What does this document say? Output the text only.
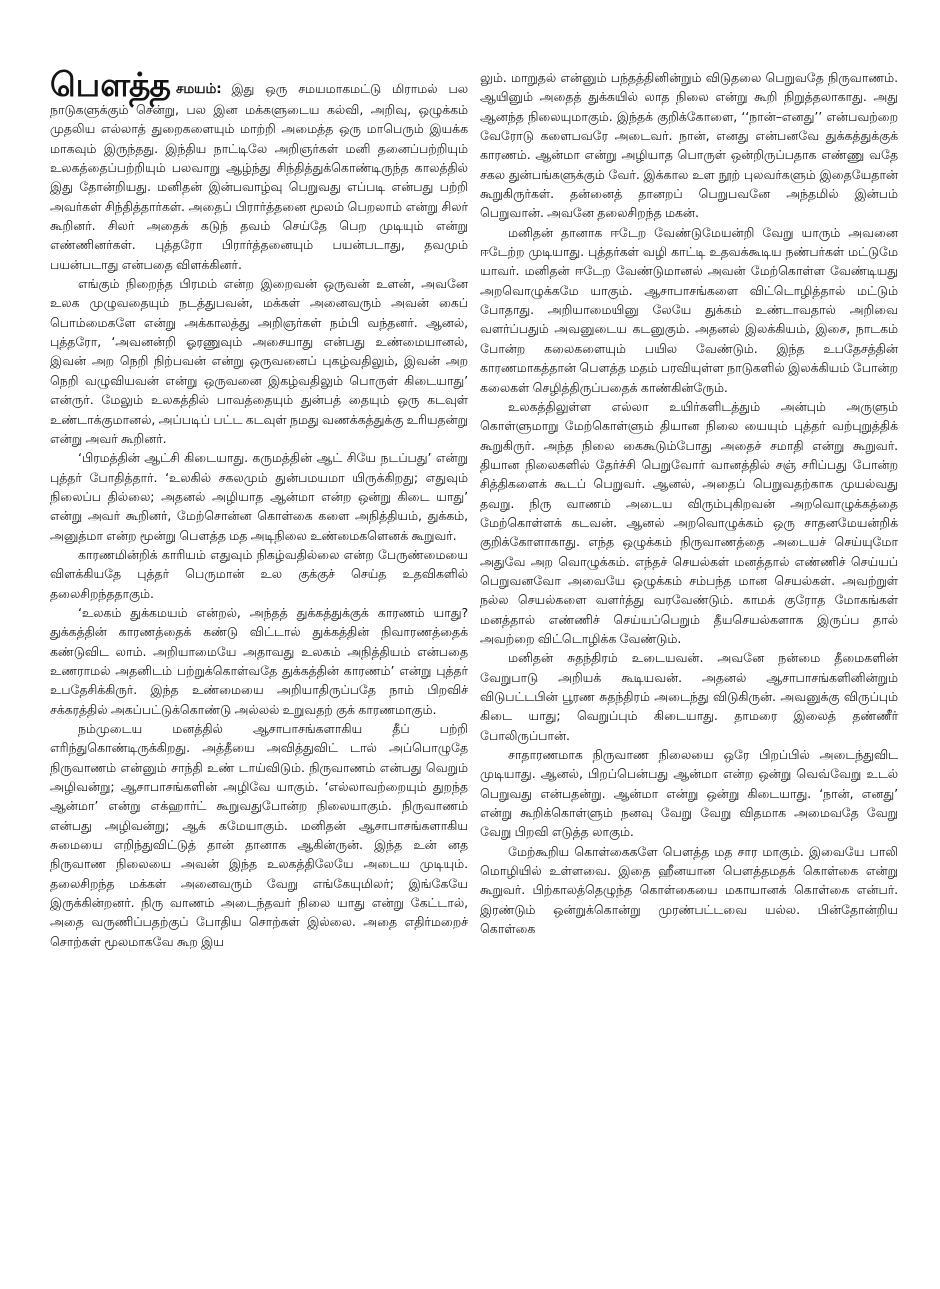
பௌத்த சமயம்: இது ஒரு சமயமாகமட்டு மிராமல் பல நாடுகளுக்கும் சென்று, பல இன மக்களுடைய கல்வி, அறிவு, ஒழுக்கம் முதலிய எல்லாத் துறைகளையும் மாற்றி அமைத்த ஒரு மாபெரும் இயக்க மாகவும் இருந்தது. இந்திய நாட்டிலே அறிஞர்கள் மனி தனைப்பற்றியும் உலகத்தைப்பற்றியும் பலவாறு ஆழ்ந்து சிந்தித்துக்கொண்டிருந்த காலத்தில் இது தோன்றியது. மனிதன் இன்பவாழ்வு பெறுவது எப்படி என்பது பற்றி அவர்கள் சிந்தித்தார்கள். அதைப் பிரார்த்தனை மூலம் பெறலாம் என்று சிலர் கூறினர். சிலர் அதைக் கடுந் தவம் செய்தே பெற முடியும் என்று எண்ணினர்கள். புத்தரோ பிரார்த்தனையும் பயன்படாது, தவமும் பயன்படாது என்பதை விளக்கினர்.

எங்கும் நிறைந்த பிரமம் என்ற இறைவன் ஒருவன் உளன், அவனே உலக முழுவதையும் நடத்துபவன், மக்கள் அனைவரும் அவன் கைப் பொம்மைகளே என்று அக்காலத்து அறிஞர்கள் நம்பி வந்தனர். ஆனல், புத்தரோ, ‘அவனன்றி ஓரணுவும் அசையாது என்பது உண்மையானல், இவன் அற நெறி நிற்பவன் என்று ஒருவனைப் புகழ்வதிலும், இவன் அற நெறி வழுவியவன் என்று ஒருவனை இகழ்வதிலும் பொருள் கிடையாது’ என்ருர். மேலும் உலகத்தில் பாவத்தையும் துன்பத் தையும் ஒரு கடவுள் உண்டாக்குமானல், அப்படிப் பட்ட கடவுள் நமது வணக்கத்துக்கு உரியதன்று என்று அவர் கூறினர்.

‘பிரமத்தின் ஆட்சி கிடையாது. கருமத்தின் ஆட் சியே நடப்பது’ என்று புத்தர் போதித்தார். ‘உலகில் சகலமும் துன்பமயமா யிருக்கிறது; எதுவும் நிலைப்ப தில்லை; அதனல் அழியாத ஆன்மா என்ற ஒன்று கிடை யாது’ என்று அவர் கூறினர், மேற்சொன்ன கொள்கை களை அநித்தியம், துக்கம், அனுத்மா என்ற மூன்று பௌத்த மத அடிநிலை உண்மைகளெனக் கூறுவர்.

காரணமின்றிக் காரியம் எதுவும் நிகழ்வதில்லை என்ற பேருண்மையை விளக்கியதே புத்தர் பெருமான் உல குக்குச் செய்த உதவிகளில் தலைசிறந்ததாகும்.

‘உலகம் துக்கமயம் என்றல், அந்தத் துக்கத்துக்குக் காரணம் யாது? துக்கத்தின் காரணத்தைக் கண்டு விட்டால் துக்கத்தின் நிவாரணத்தைக் கண்டுவிட லாம். அறியாமையே அதாவது உலகம் அநித்தியம் என்பதை உணராமல் அதனிடம் பற்றுக்கொள்வதே துக்கத்தின் காரணம்’ என்று புத்தர் உபதேசிக்கிருர். இந்த உண்மையை அறியாதிருப்பதே நாம் பிறவிச் சக்கரத்தில் அகப்பட்டுக்கொண்டு அல்லல் உறுவதற் குக் காரணமாகும்.

நம்முடைய மனத்தில் ஆசாபாசங்களாகிய தீப் பற்றி எரிந்துகொண்டிருக்கிறது. அத்தீயை அவித்துவிட் டால் அப்பொழுதே நிருவாணம் என்னும் சாந்தி உண் டாய்விடும். நிருவாணம் என்பது வெறும் அழிவன்று; ஆசாபாசங்களின் அழிவே யாகும். ‘எல்லாவற்றையும் துறந்த ஆன்மா’ என்று எக்ஹார்ட் கூறுவதுபோன்ற நிலையாகும். நிருவாணம் என்பது அழிவன்று; ஆக் கமேயாகும். மனிதன் ஆசாபாசங்களாகிய சுமையை எறிந்துவிட்டுத் தான் தானாக ஆகின்ருன். இந்த உன் னத நிருவாண நிலையை அவன் இந்த உலகத்திலேயே அடைய முடியும். தலைசிறந்த மக்கள் அனைவரும் வேறு எங்கேயுமிலர்; இங்கேயே இருக்கின்றனர். நிரு வாணம் அடைந்தவர் நிலை யாது என்று கேட்டால், அதை வருணிப்பதற்குப் போதிய சொற்கள் இல்லை. அதை எதிர்மறைச் சொற்கள் மூலமாகவே கூற இய

லும். மாறுதல் என்னும் பந்தத்தினின்றும் விடுதலை பெறுவதே நிருவாணம். ஆயினும் அதைத் துக்கயில் லாத நிலை என்று கூறி நிறுத்தலாகாது. அது ஆனந்த நிலையுமாகும். இந்தக் குறிக்கோளை, ‘‘நான்–எனது’’ என்பவற்றை வேரோடு களைபவரே அடைவர். நான், எனது என்பனவே துக்கத்துக்குக் காரணம். ஆன்மா என்று அழியாத பொருள் ஒன்றிருப்பதாக எண்ணு வதே சகல துன்பங்களுக்கும் வேர். இக்கால உள நூற் புலவர்களும் இதையேதான் கூறுகிருர்கள். தன்னைத் தானறப் பெறுபவனே அந்தமில் இன்பம் பெறுவான். அவனே தலைசிறந்த மகன்.

மனிதன் தானாக ஈடேற வேண்டுமேயன்றி வேறு யாரும் அவனை ஈடேற்ற முடியாது. புத்தர்கள் வழி காட்டி உதவக்கூடிய நண்பர்கள் மட்டுமே யாவர். மனிதன் ஈடேற வேண்டுமானல் அவன் மேற்கொள்ள வேண்டியது அறவொழுக்கமே யாகும். ஆசாபாசங்களை விட்டொழித்தால் மட்டும் போதாது. அறியாமையினு லேயே துக்கம் உண்டாவதால் அறிவை வளர்ப்பதும் அவனுடைய கடனுகும். அதனல் இலக்கியம், இசை, நாடகம் போன்ற கலைகளையும் பயில வேண்டும். இந்த உபதேசத்தின் காரணமாகத்தான் பௌத்த மதம் பரவியுள்ள நாடுகளில் இலக்கியம் போன்ற கலைகள் செழித்திருப்பதைக் காண்கின்ருேம்.

உலகத்திலுள்ள எல்லா உயிர்களிடத்தும் அன்பும் அருளும் கொள்ளுமாறு மேற்கொள்ளும் தியான நிலை யையும் புத்தர் வற்புறுத்திக் கூறுகிருர். அந்த நிலை கைகூடும்போது அதைச் சமாதி என்று கூறுவர். தியான நிலைகளில் தேர்ச்சி பெறுவோர் வானத்தில் சஞ் சரிப்பது போன்ற சித்திகளைக் கூடப் பெறுவர். ஆனல், அதைப் பெறுவதற்காக முயல்வது தவறு. நிரு வாணம் அடைய விரும்புகிறவன் அறவொழுக்கத்தை மேற்கொள்ளக் கடவன். ஆனல் அறவொழுக்கம் ஒரு சாதனமேயன்றிக் குறிக்கோளாகாது. எந்த ஒழுக்கம் நிருவாணத்தை அடையச் செய்யுமோ அதுவே அற வொழுக்கம். எந்தச் செயல்கள் மனத்தால் எண்ணிச் செய்யப் பெறுவனவோ அவையே ஒழுக்கம் சம்பந்த மான செயல்கள். அவற்றுள் நல்ல செயல்களை வளர்த்து வரவேண்டும். காமக் குரோத மோகங்கள் மனத்தால் எண்ணிச் செய்யப்பெறும் தீயசெயல்களாக இருப்ப தால் அவற்றை விட்டொழிக்க வேண்டும்.

மனிதன் சுதந்திரம் உடையவன். அவனே நன்மை தீமைகளின் வேறுபாடு அறியக் கூடியவன். அதனல் ஆசாபாசங்களினின்றும் விடுபட்டபின் பூரண சுதந்திரம் அடைந்து விடுகிருன். அவனுக்கு விருப்பும் கிடை யாது; வெறுப்பும் கிடையாது. தாமரை இலைத் தண்ணீர் போலிருப்பான்.

சாதாரணமாக நிருவாண நிலையை ஒரே பிறப்பில் அடைந்துவிட முடியாது. ஆனல், பிறப்பென்பது ஆன்மா என்ற ஒன்று வெவ்வேறு உடல் பெறுவது என்பதன்று. ஆன்மா என்று ஒன்று கிடையாது. ‘நான், எனது’ என்று கூறிக்கொள்ளும் நனவு வேறு வேறு விதமாக அமைவதே வேறு வேறு பிறவி எடுத்த லாகும்.

மேற்கூறிய கொள்கைகளே பௌத்த மத சார மாகும். இவையே பாலி மொழியில் உள்ளவை. இதை ஹீனயான பௌத்தமதக் கொள்கை என்று கூறுவர். பிற்காலத்தெழுந்த கொள்கையை மகாயானக் கொள்கை என்பர். இரண்டும் ஒன்றுக்கொன்று முரண்பட்டவை யல்ல. பின்தோன்றிய கொள்கை
